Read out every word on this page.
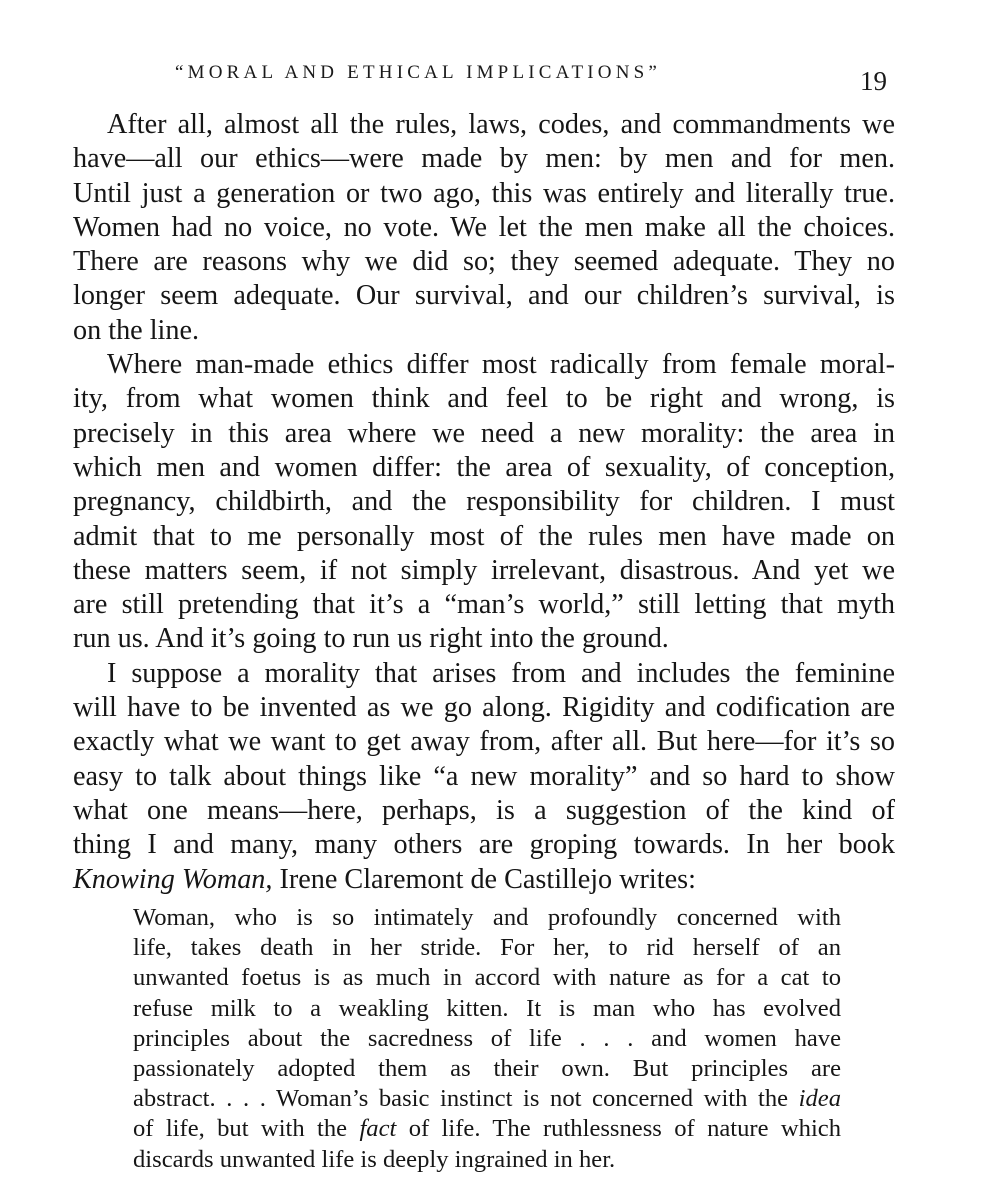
“MORAL AND ETHICAL IMPLICATIONS”	19
After all, almost all the rules, laws, codes, and commandments we
have—all our ethics—were made by men: by men and for men.
Until just a generation or two ago, this was entirely and literally true.
Women had no voice, no vote. We let the men make all the choices.
There are reasons why we did so; they seemed adequate. They no
longer seem adequate. Our survival, and our children’s survival, is
on the line.
Where man-made ethics differ most radically from female moral-
ity, from what women think and feel to be right and wrong, is
precisely in this area where we need a new morality: the area in
which men and women differ: the area of sexuality, of conception,
pregnancy, childbirth, and the responsibility for children. I must
admit that to me personally most of the rules men have made on
these matters seem, if not simply irrelevant, disastrous. And yet we
are still pretending that it’s a “man’s world,” still letting that myth
run us. And it’s going to run us right into the ground.
I suppose a morality that arises from and includes the feminine
will have to be invented as we go along. Rigidity and codification are
exactly what we want to get away from, after all. But here—for it’s so
easy to talk about things like “a new morality” and so hard to show
what one means—here, perhaps, is a suggestion of the kind of
thing I and many, many others are groping towards. In her book
Knowing Woman, Irene Claremont de Castillejo writes:
Woman, who is so intimately and profoundly concerned with
life, takes death in her stride. For her, to rid herself of an
unwanted foetus is as much in accord with nature as for a cat to
refuse milk to a weakling kitten. It is man who has evolved
principles about the sacredness of life . . . and women have
passionately adopted them as their own. But principles are
abstract. . . . Woman’s basic instinct is not concerned with the idea
of life, but with the fact of life. The ruthlessness of nature which
discards unwanted life is deeply ingrained in her.
